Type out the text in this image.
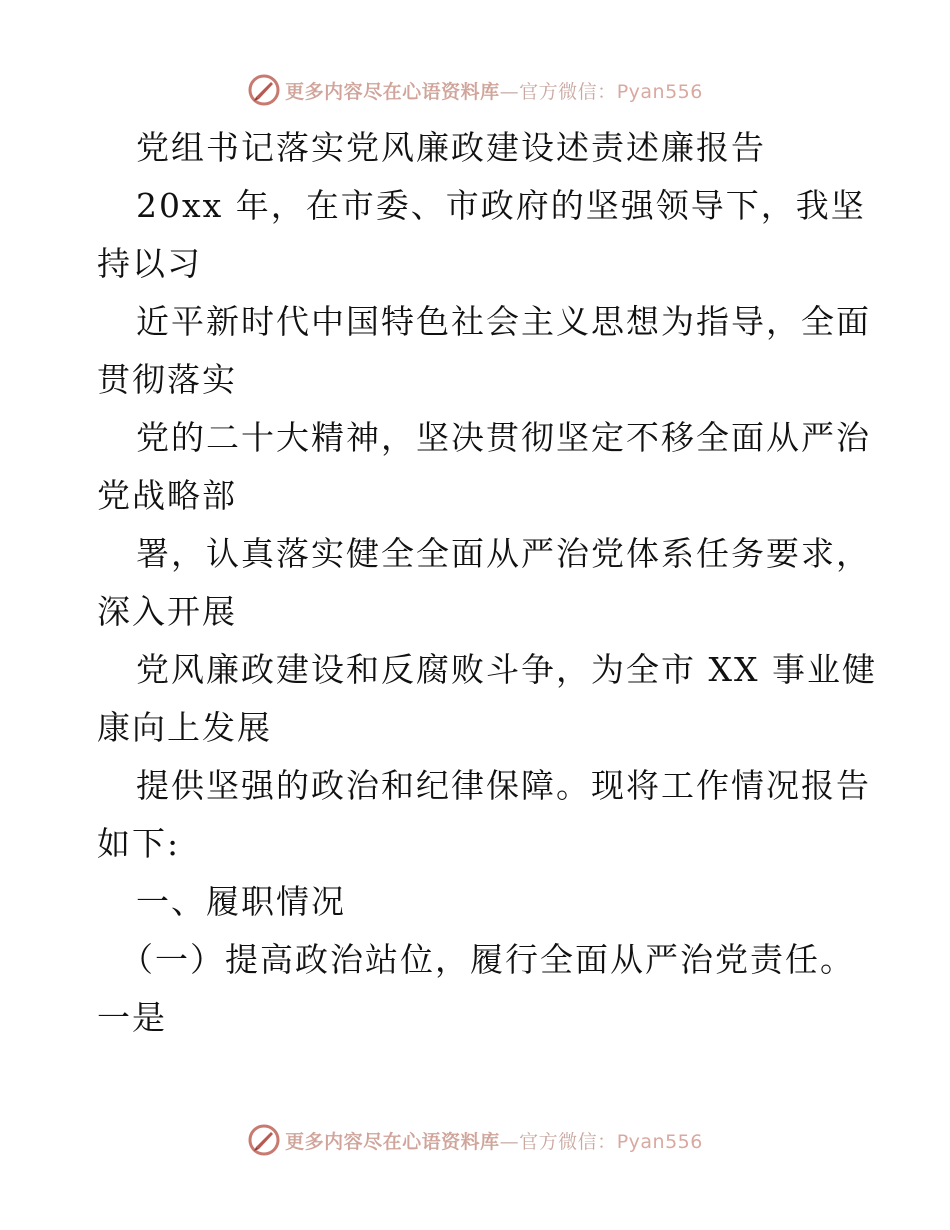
更多内容尽在心语资料库—官方微信：Pyan556
党组书记落实党风廉政建设述责述廉报告
20xx 年，在市委、市政府的坚强领导下，我坚
持以习
近平新时代中国特色社会主义思想为指导，全面
贯彻落实
党的二十大精神，坚决贯彻坚定不移全面从严治
党战略部
署，认真落实健全全面从严治党体系任务要求，
深入开展
党风廉政建设和反腐败斗争，为全市 XX 事业健
康向上发展
提供坚强的政治和纪律保障。现将工作情况报告
如下:
一、履职情况
（一）提高政治站位，履行全面从严治党责任。
一是
更多内容尽在心语资料库—官方微信：Pyan556
